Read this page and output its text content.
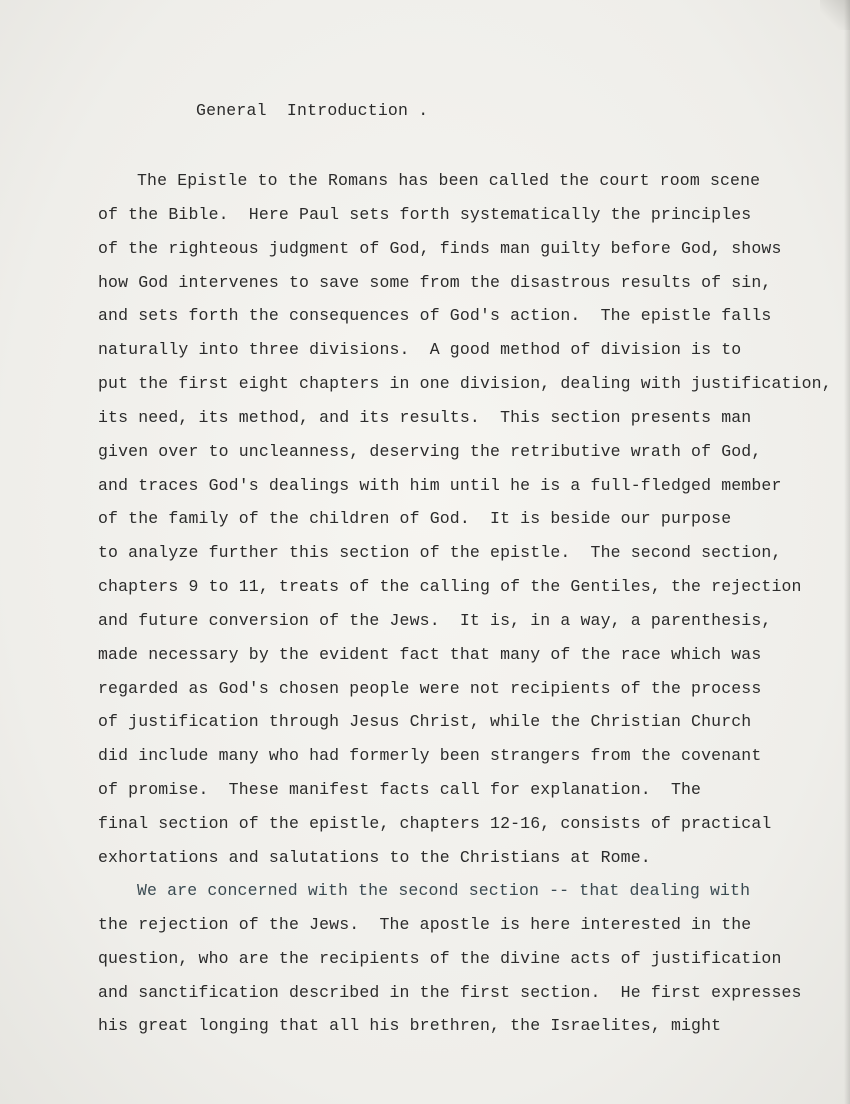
General  Introduction .

The Epistle to the Romans has been called the court room scene

of the Bible.  Here Paul sets forth systematically the principles

of the righteous judgment of God, finds man guilty before God, shows

how God intervenes to save some from the disastrous results of sin,

and sets forth the consequences of God's action.  The epistle falls

naturally into three divisions.  A good method of division is to

put the first eight chapters in one division, dealing with justification,

its need, its method, and its results.  This section presents man

given over to uncleanness, deserving the retributive wrath of God,

and traces God's dealings with him until he is a full-fledged member

of the family of the children of God.  It is beside our purpose

to analyze further this section of the epistle.  The second section,

chapters 9 to 11, treats of the calling of the Gentiles, the rejection

and future conversion of the Jews.  It is, in a way, a parenthesis,

made necessary by the evident fact that many of the race which was

regarded as God's chosen people were not recipients of the process

of justification through Jesus Christ, while the Christian Church

did include many who had formerly been strangers from the covenant

of promise.  These manifest facts call for explanation.  The

final section of the epistle, chapters 12-16, consists of practical

exhortations and salutations to the Christians at Rome.

We are concerned with the second section -- that dealing with

the rejection of the Jews.  The apostle is here interested in the

question, who are the recipients of the divine acts of justification

and sanctification described in the first section.  He first expresses

his great longing that all his brethren, the Israelites, might
